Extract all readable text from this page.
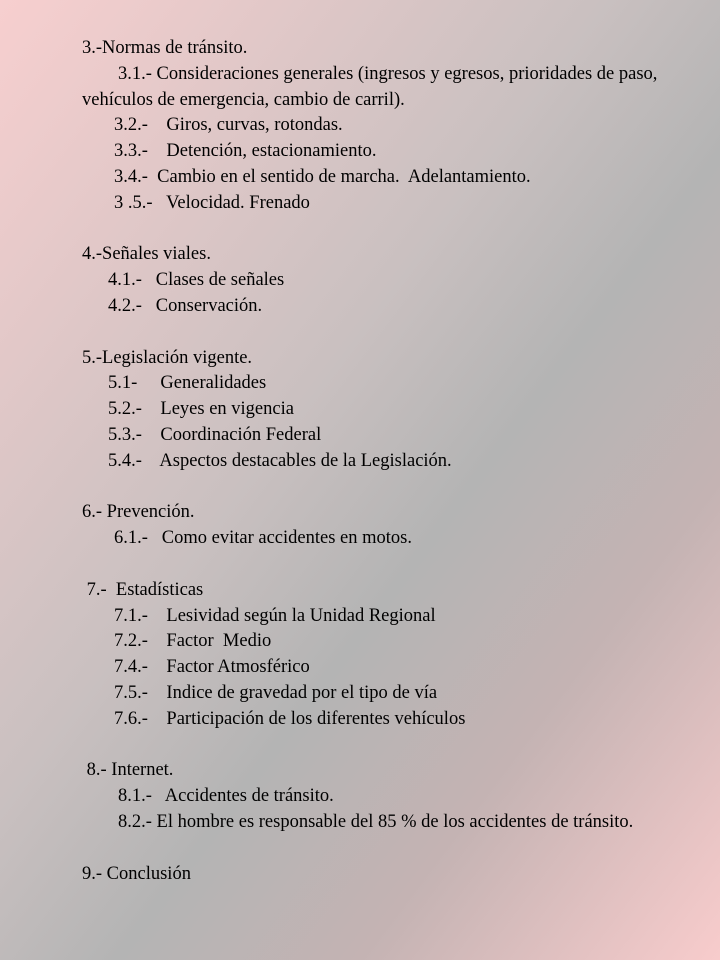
3.-Normas de tránsito.
3.1.- Consideraciones generales (ingresos y egresos, prioridades de paso, vehículos de emergencia, cambio de carril).
3.2.-    Giros, curvas, rotondas.
3.3.-    Detención, estacionamiento.
3.4.-  Cambio en el sentido de marcha.  Adelantamiento.
3 .5.-   Velocidad. Frenado
4.-Señales viales.
4.1.-   Clases de señales
4.2.-   Conservación.
5.-Legislación vigente.
5.1-     Generalidades
5.2.-    Leyes en vigencia
5.3.-    Coordinación Federal
5.4.-    Aspectos destacables de la Legislación.
6.- Prevención.
6.1.-   Como evitar accidentes en motos.
7.-  Estadísticas
7.1.-    Lesividad según la Unidad Regional
7.2.-    Factor  Medio
7.4.-    Factor Atmosférico
7.5.-    Indice de gravedad por el tipo de vía
7.6.-    Participación de los diferentes vehículos
8.- Internet.
8.1.-   Accidentes de tránsito.
8.2.- El hombre es responsable del 85 % de los accidentes de tránsito.
9.- Conclusión
